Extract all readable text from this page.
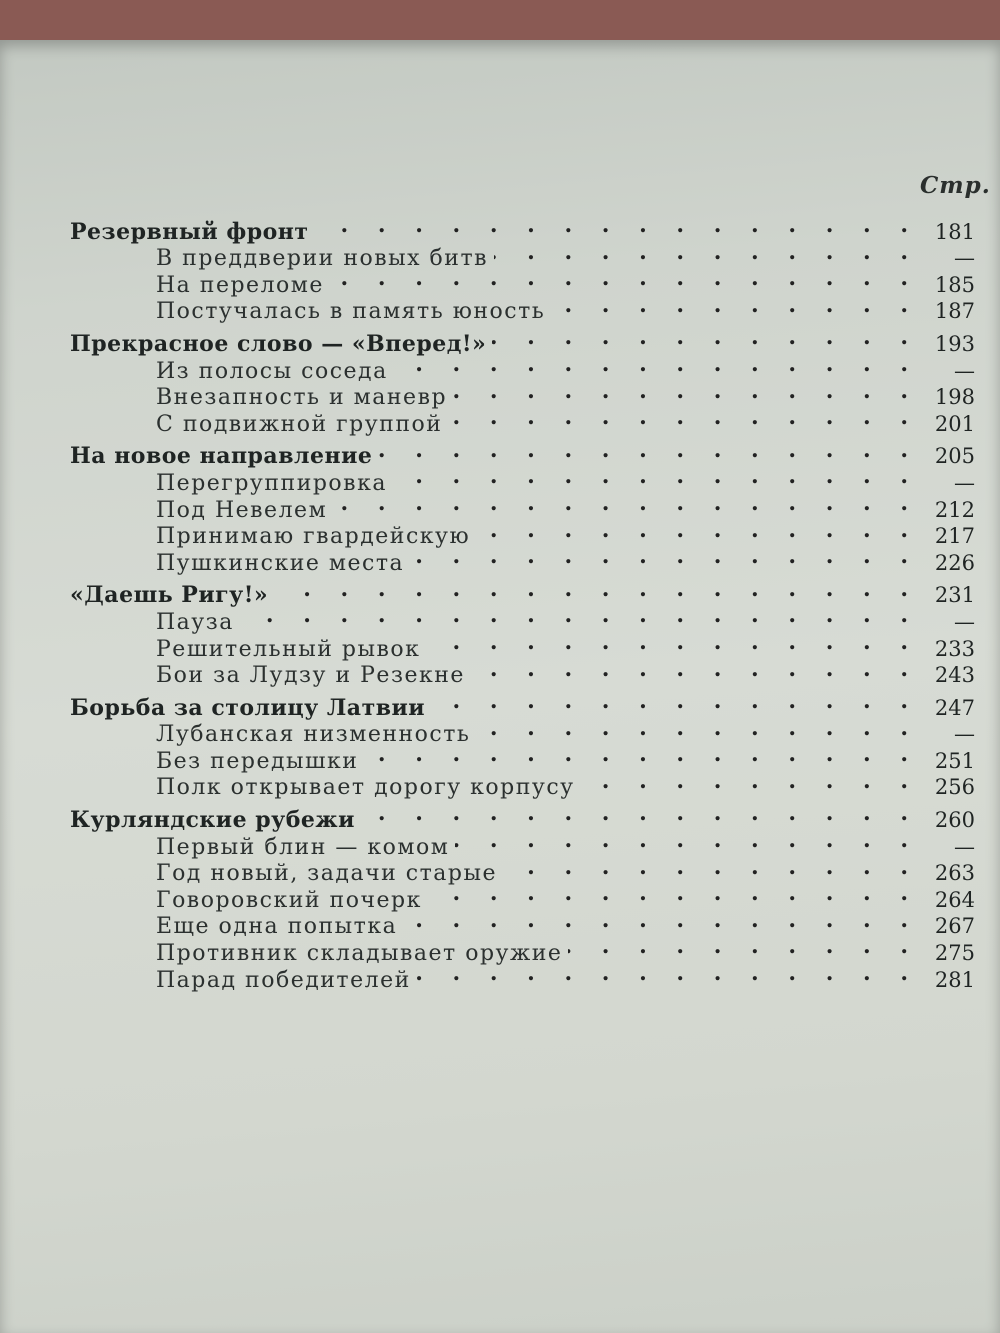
Стр.
Резервный фронт . .	181
В преддверии новых битв . .	—
На переломе . .	185
Постучалась в память юность . .	187
Прекрасное слово — «Вперед!» . .	193
Из полосы соседа . .	—
Внезапность и маневр . .	198
С подвижной группой . .	201
На новое направление . .	205
Перегруппировка . .	—
Под Невелем . .	212
Принимаю гвардейскую . .	217
Пушкинские места . .	226
«Даешь Ригу!» . .	231
Пауза . .	—
Решительный рывок . .	233
Бои за Лудзу и Резекне . .	243
Борьба за столицу Латвии . .	247
Лубанская низменность . .	—
Без передышки . .	251
Полк открывает дорогу корпусу . .	256
Курляндские рубежи . .	260
Первый блин — комом . .	—
Год новый, задачи старые . .	263
Говоровский почерк . .	264
Еще одна попытка . .	267
Противник складывает оружие . .	275
Парад победителей . .	281
